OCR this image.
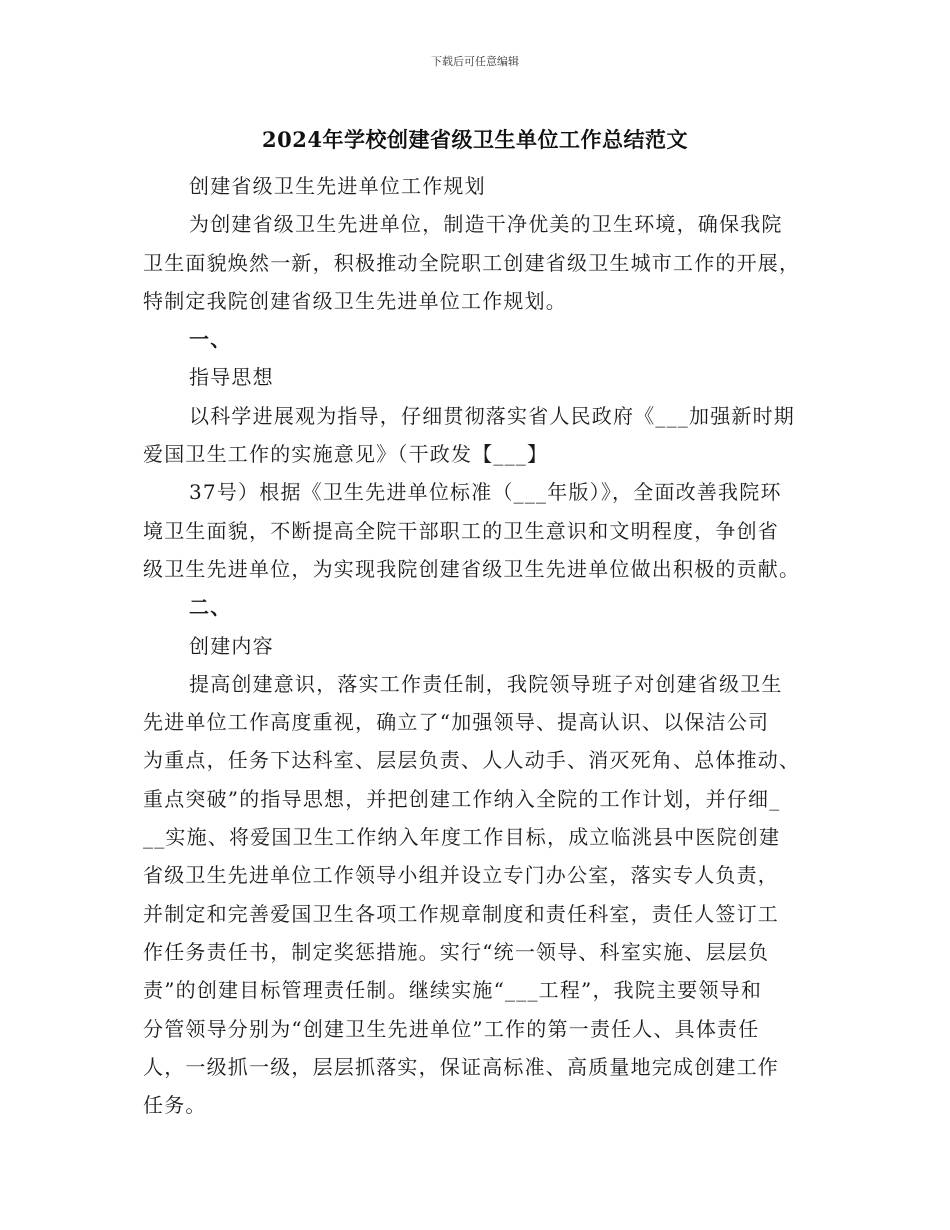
下载后可任意编辑
2024年学校创建省级卫生单位工作总结范文
创建省级卫生先进单位工作规划
为创建省级卫生先进单位，制造干净优美的卫生环境，确保我院
卫生面貌焕然一新，积极推动全院职工创建省级卫生城市工作的开展，
特制定我院创建省级卫生先进单位工作规划。
一、
指导思想
以科学进展观为指导，仔细贯彻落实省人民政府《___加强新时期
爱国卫生工作的实施意见》（干政发【___】
37号）根据《卫生先进单位标准（___年版）》，全面改善我院环
境卫生面貌，不断提高全院干部职工的卫生意识和文明程度，争创省
级卫生先进单位，为实现我院创建省级卫生先进单位做出积极的贡献。
二、
创建内容
提高创建意识，落实工作责任制，我院领导班子对创建省级卫生
先进单位工作高度重视，确立了“加强领导、提高认识、以保洁公司
为重点，任务下达科室、层层负责、人人动手、消灭死角、总体推动、
重点突破”的指导思想，并把创建工作纳入全院的工作计划，并仔细_
__实施、将爱国卫生工作纳入年度工作目标，成立临洮县中医院创建
省级卫生先进单位工作领导小组并设立专门办公室，落实专人负责，
并制定和完善爱国卫生各项工作规章制度和责任科室，责任人签订工
作任务责任书，制定奖惩措施。实行“统一领导、科室实施、层层负
责”的创建目标管理责任制。继续实施“___工程”，我院主要领导和
分管领导分别为“创建卫生先进单位”工作的第一责任人、具体责任
人，一级抓一级，层层抓落实，保证高标准、高质量地完成创建工作
任务。
